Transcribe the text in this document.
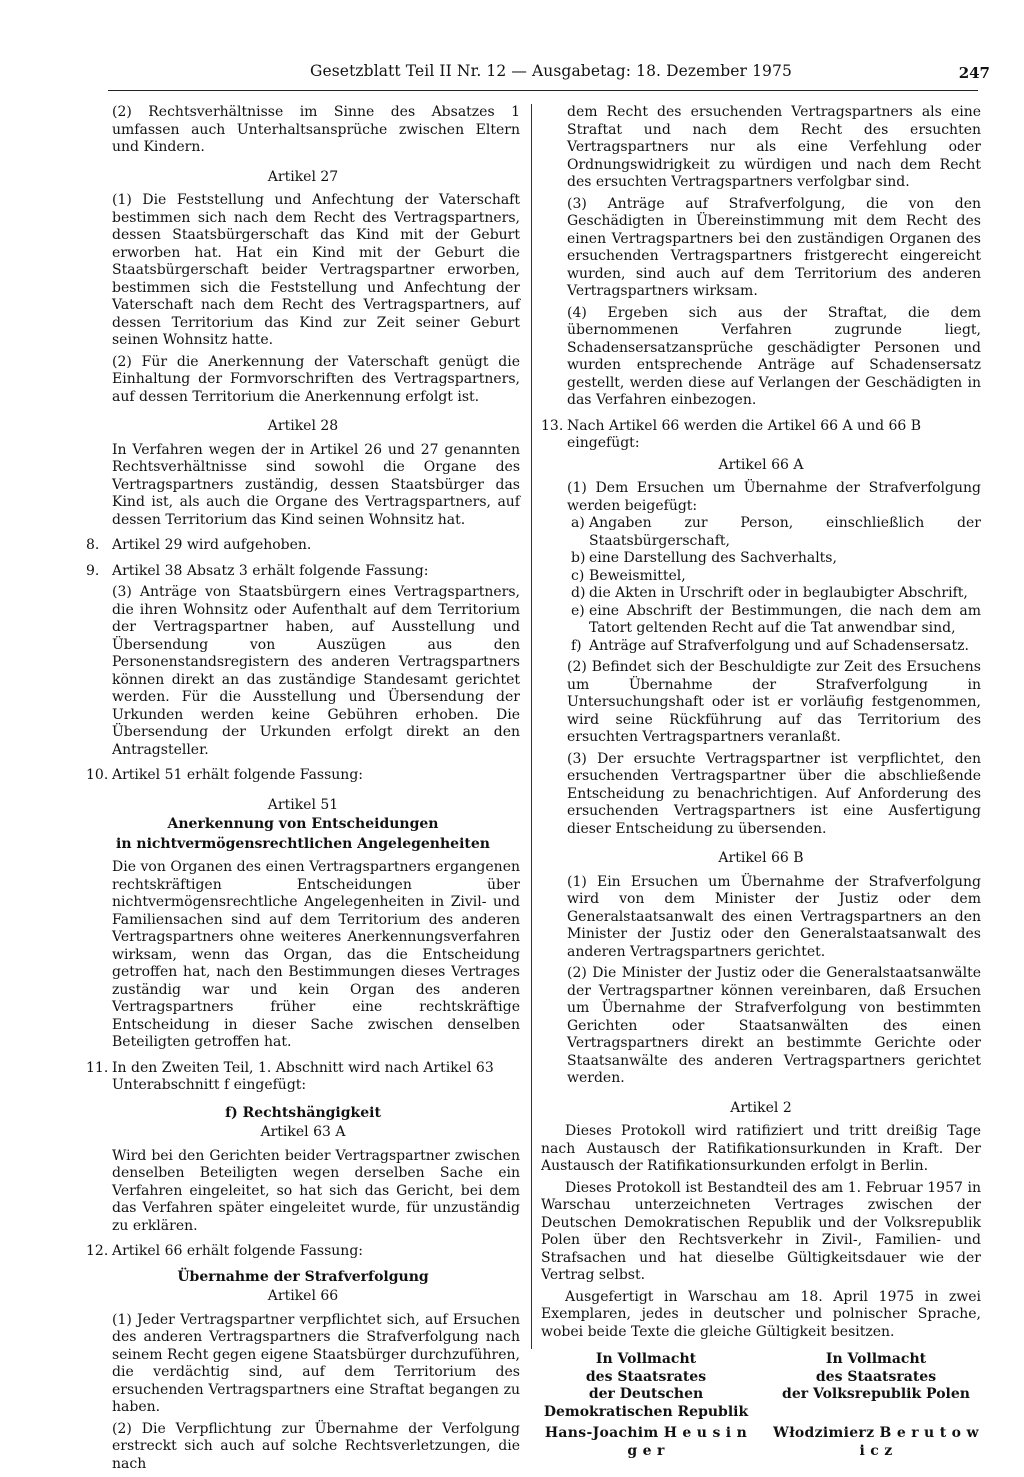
Gesetzblatt Teil II Nr. 12 — Ausgabetag: 18. Dezember 1975	247

(2) Rechtsverhältnisse im Sinne des Absatzes 1 umfassen auch Unterhaltsansprüche zwischen Eltern und Kindern.

Artikel 27

(1) Die Feststellung und Anfechtung der Vaterschaft bestimmen sich nach dem Recht des Vertragspartners, dessen Staatsbürgerschaft das Kind mit der Geburt erworben hat. Hat ein Kind mit der Geburt die Staatsbürgerschaft beider Vertragspartner erworben, bestimmen sich die Feststellung und Anfechtung der Vaterschaft nach dem Recht des Vertragspartners, auf dessen Territorium das Kind zur Zeit seiner Geburt seinen Wohnsitz hatte.

(2) Für die Anerkennung der Vaterschaft genügt die Einhaltung der Formvorschriften des Vertragspartners, auf dessen Territorium die Anerkennung erfolgt ist.

Artikel 28

In Verfahren wegen der in Artikel 26 und 27 genannten Rechtsverhältnisse sind sowohl die Organe des Vertragspartners zuständig, dessen Staatsbürger das Kind ist, als auch die Organe des Vertragspartners, auf dessen Territorium das Kind seinen Wohnsitz hat.

8. Artikel 29 wird aufgehoben.
9. Artikel 38 Absatz 3 erhält folgende Fassung:

(3) Anträge von Staatsbürgern eines Vertragspartners, die ihren Wohnsitz oder Aufenthalt auf dem Territorium der Vertragspartner haben, auf Ausstellung und Übersendung von Auszügen aus den Personenstandsregistern des anderen Vertragspartners können direkt an das zuständige Standesamt gerichtet werden. Für die Ausstellung und Übersendung der Urkunden werden keine Gebühren erhoben. Die Übersendung der Urkunden erfolgt direkt an den Antragsteller.

10. Artikel 51 erhält folgende Fassung:
Artikel 51
Anerkennung von Entscheidungen
in nichtvermögensrechtlichen Angelegenheiten

Die von Organen des einen Vertragspartners ergangenen rechtskräftigen Entscheidungen über nichtvermögensrechtliche Angelegenheiten in Zivil- und Familiensachen sind auf dem Territorium des anderen Vertragspartners ohne weiteres Anerkennungsverfahren wirksam, wenn das Organ, das die Entscheidung getroffen hat, nach den Bestimmungen dieses Vertrages zuständig war und kein Organ des anderen Vertragspartners früher eine rechtskräftige Entscheidung in dieser Sache zwischen denselben Beteiligten getroffen hat.

11. In den Zweiten Teil, 1. Abschnitt wird nach Artikel 63 Unterabschnitt f eingefügt:
f) Rechtshängigkeit
Artikel 63 A

Wird bei den Gerichten beider Vertragspartner zwischen denselben Beteiligten wegen derselben Sache ein Verfahren eingeleitet, so hat sich das Gericht, bei dem das Verfahren später eingeleitet wurde, für unzuständig zu erklären.

12. Artikel 66 erhält folgende Fassung:
Übernahme der Strafverfolgung
Artikel 66

(1) Jeder Vertragspartner verpflichtet sich, auf Ersuchen des anderen Vertragspartners die Strafverfolgung nach seinem Recht gegen eigene Staatsbürger durchzuführen, die verdächtig sind, auf dem Territorium des ersuchenden Vertragspartners eine Straftat begangen zu haben.

(2) Die Verpflichtung zur Übernahme der Verfolgung erstreckt sich auch auf solche Rechtsverletzungen, die nach

dem Recht des ersuchenden Vertragspartners als eine Straftat und nach dem Recht des ersuchten Vertragspartners nur als eine Verfehlung oder Ordnungswidrigkeit zu würdigen und nach dem Recht des ersuchten Vertragspartners verfolgbar sind.

(3) Anträge auf Strafverfolgung, die von den Geschädigten in Übereinstimmung mit dem Recht des einen Vertragspartners bei den zuständigen Organen des ersuchenden Vertragspartners fristgerecht eingereicht wurden, sind auch auf dem Territorium des anderen Vertragspartners wirksam.

(4) Ergeben sich aus der Straftat, die dem übernommenen Verfahren zugrunde liegt, Schadensersatzansprüche geschädigter Personen und wurden entsprechende Anträge auf Schadensersatz gestellt, werden diese auf Verlangen der Geschädigten in das Verfahren einbezogen.

13. Nach Artikel 66 werden die Artikel 66 A und 66 B eingefügt:
Artikel 66 A

(1) Dem Ersuchen um Übernahme der Strafverfolgung werden beigefügt:

a) Angaben zur Person, einschließlich der Staatsbürgerschaft,
b) eine Darstellung des Sachverhalts,
c) Beweismittel,
d) die Akten in Urschrift oder in beglaubigter Abschrift,
e) eine Abschrift der Bestimmungen, die nach dem am Tatort geltenden Recht auf die Tat anwendbar sind,
f) Anträge auf Strafverfolgung und auf Schadensersatz.

(2) Befindet sich der Beschuldigte zur Zeit des Ersuchens um Übernahme der Strafverfolgung in Untersuchungshaft oder ist er vorläufig festgenommen, wird seine Rückführung auf das Territorium des ersuchten Vertragspartners veranlaßt.

(3) Der ersuchte Vertragspartner ist verpflichtet, den ersuchenden Vertragspartner über die abschließende Entscheidung zu benachrichtigen. Auf Anforderung des ersuchenden Vertragspartners ist eine Ausfertigung dieser Entscheidung zu übersenden.

Artikel 66 B

(1) Ein Ersuchen um Übernahme der Strafverfolgung wird von dem Minister der Justiz oder dem Generalstaatsanwalt des einen Vertragspartners an den Minister der Justiz oder den Generalstaatsanwalt des anderen Vertragspartners gerichtet.

(2) Die Minister der Justiz oder die Generalstaatsanwälte der Vertragspartner können vereinbaren, daß Ersuchen um Übernahme der Strafverfolgung von bestimmten Gerichten oder Staatsanwälten des einen Vertragspartners direkt an bestimmte Gerichte oder Staatsanwälte des anderen Vertragspartners gerichtet werden.

Artikel 2

Dieses Protokoll wird ratifiziert und tritt dreißig Tage nach Austausch der Ratifikationsurkunden in Kraft. Der Austausch der Ratifikationsurkunden erfolgt in Berlin.

Dieses Protokoll ist Bestandteil des am 1. Februar 1957 in Warschau unterzeichneten Vertrages zwischen der Deutschen Demokratischen Republik und der Volksrepublik Polen über den Rechtsverkehr in Zivil-, Familien- und Strafsachen und hat dieselbe Gültigkeitsdauer wie der Vertrag selbst.

Ausgefertigt in Warschau am 18. April 1975 in zwei Exemplaren, jedes in deutscher und polnischer Sprache, wobei beide Texte die gleiche Gültigkeit besitzen.

In Vollmacht
des Staatsrates
der Deutschen
Demokratischen Republik
In Vollmacht
des Staatsrates
der Volksrepublik Polen
Hans-Joachim H e u s i n g e r
Włodzimierz B e r u t o w i c z
